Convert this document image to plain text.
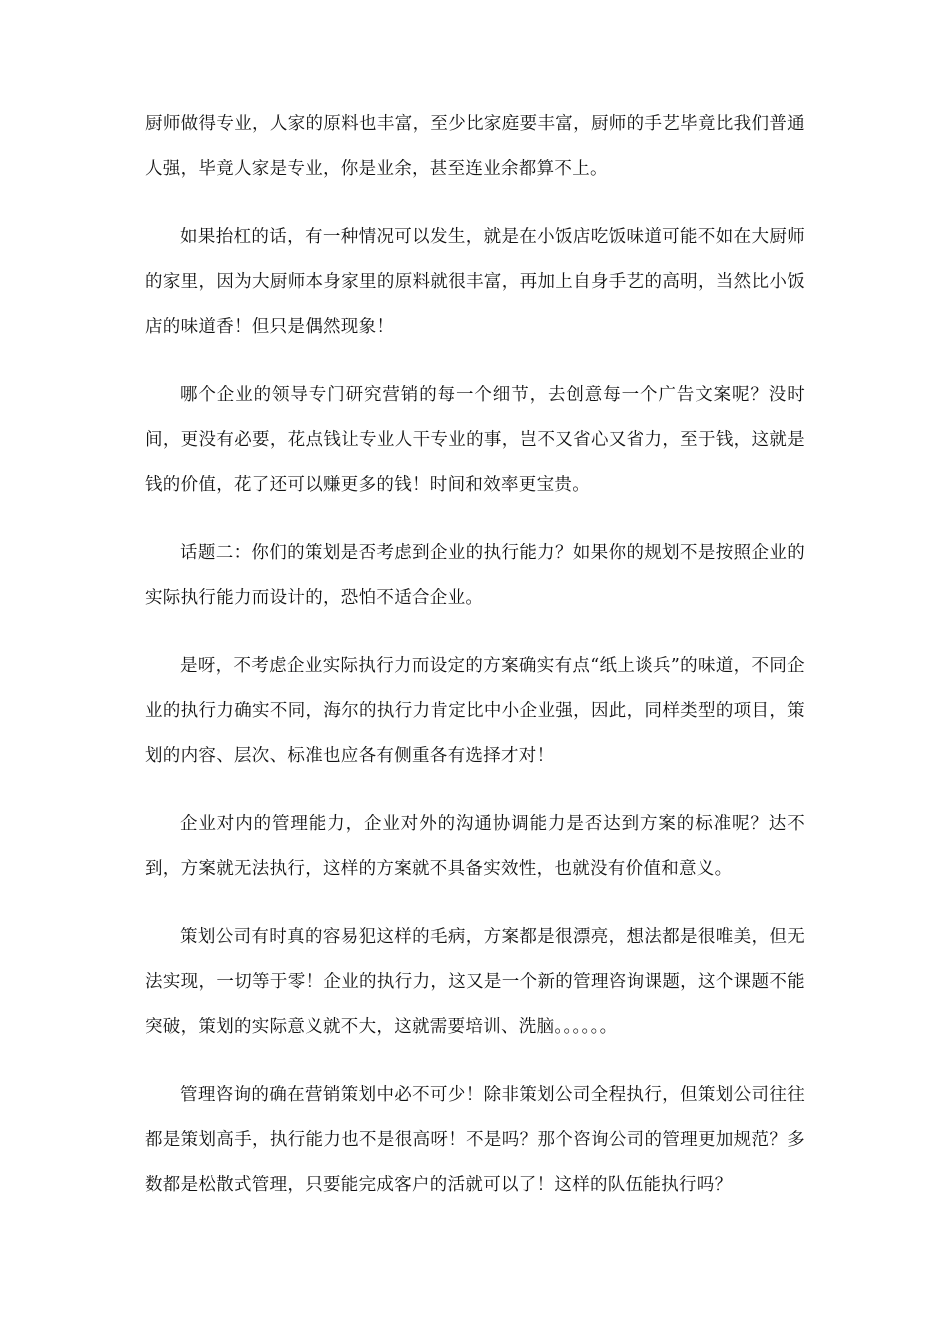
厨师做得专业，人家的原料也丰富，至少比家庭要丰富，厨师的手艺毕竟比我们普通人强，毕竟人家是专业，你是业余，甚至连业余都算不上。

如果抬杠的话，有一种情况可以发生，就是在小饭店吃饭味道可能不如在大厨师的家里，因为大厨师本身家里的原料就很丰富，再加上自身手艺的高明，当然比小饭店的味道香！但只是偶然现象！

哪个企业的领导专门研究营销的每一个细节，去创意每一个广告文案呢？没时间，更没有必要，花点钱让专业人干专业的事，岂不又省心又省力，至于钱，这就是钱的价值，花了还可以赚更多的钱！时间和效率更宝贵。

话题二：你们的策划是否考虑到企业的执行能力？如果你的规划不是按照企业的实际执行能力而设计的，恐怕不适合企业。

是呀，不考虑企业实际执行力而设定的方案确实有点“纸上谈兵”的味道，不同企业的执行力确实不同，海尔的执行力肯定比中小企业强，因此，同样类型的项目，策划的内容、层次、标准也应各有侧重各有选择才对！

企业对内的管理能力，企业对外的沟通协调能力是否达到方案的标准呢？达不到，方案就无法执行，这样的方案就不具备实效性，也就没有价值和意义。

策划公司有时真的容易犯这样的毛病，方案都是很漂亮，想法都是很唯美，但无法实现，一切等于零！企业的执行力，这又是一个新的管理咨询课题，这个课题不能突破，策划的实际意义就不大，这就需要培训、洗脑。。。。。。

管理咨询的确在营销策划中必不可少！除非策划公司全程执行，但策划公司往往都是策划高手，执行能力也不是很高呀！不是吗？那个咨询公司的管理更加规范？多数都是松散式管理，只要能完成客户的活就可以了！这样的队伍能执行吗？
